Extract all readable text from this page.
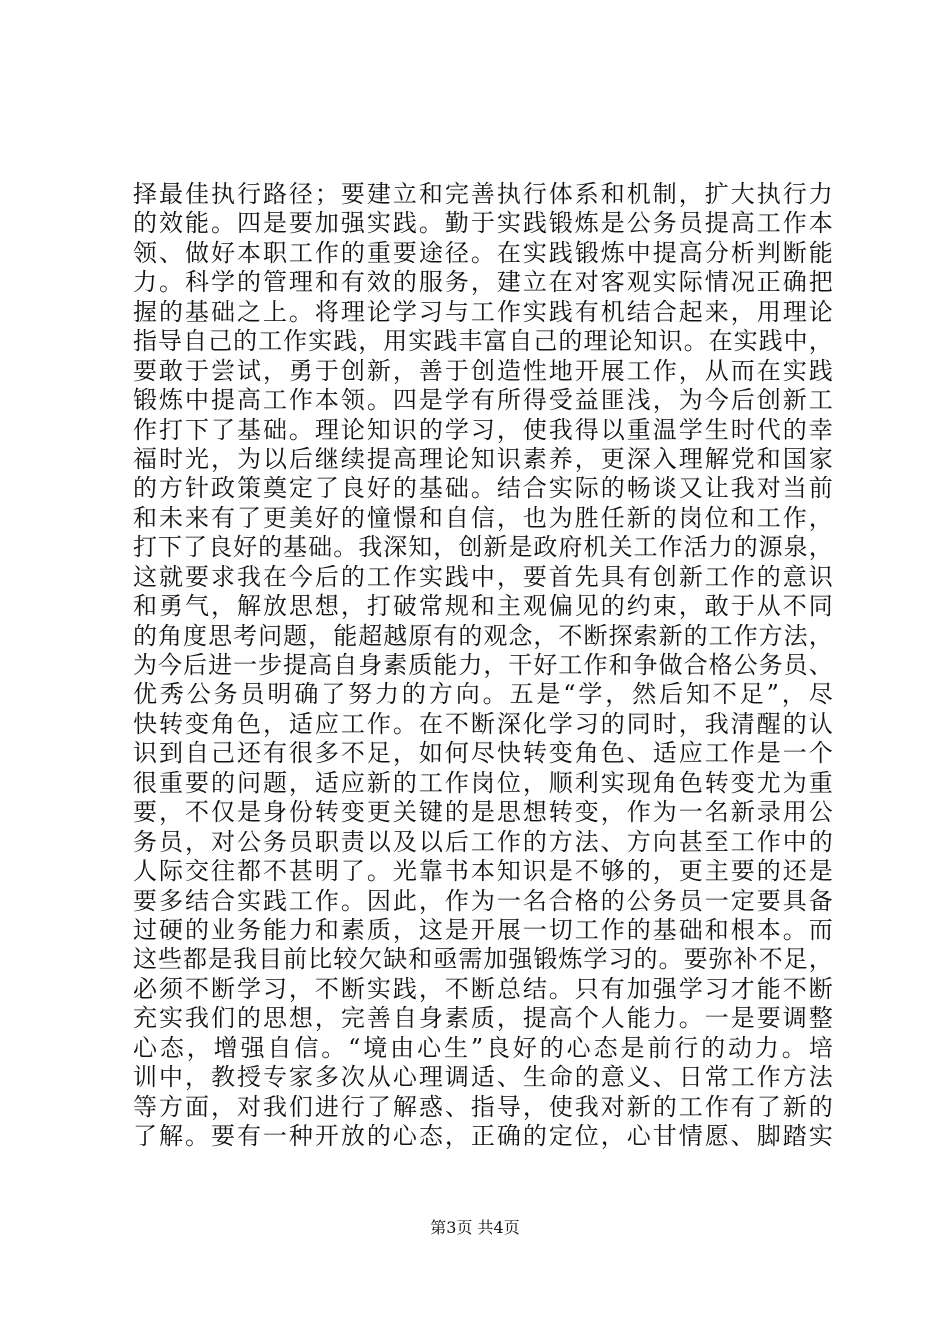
择最佳执行路径；要建立和完善执行体系和机制，扩大执行力
的效能。四是要加强实践。勤于实践锻炼是公务员提高工作本
领、做好本职工作的重要途径。在实践锻炼中提高分析判断能
力。科学的管理和有效的服务，建立在对客观实际情况正确把
握的基础之上。将理论学习与工作实践有机结合起来，用理论
指导自己的工作实践，用实践丰富自己的理论知识。在实践中，
要敢于尝试，勇于创新，善于创造性地开展工作，从而在实践
锻炼中提高工作本领。四是学有所得受益匪浅，为今后创新工
作打下了基础。理论知识的学习，使我得以重温学生时代的幸
福时光，为以后继续提高理论知识素养，更深入理解党和国家
的方针政策奠定了良好的基础。结合实际的畅谈又让我对当前
和未来有了更美好的憧憬和自信，也为胜任新的岗位和工作，
打下了良好的基础。我深知，创新是政府机关工作活力的源泉，
这就要求我在今后的工作实践中，要首先具有创新工作的意识
和勇气，解放思想，打破常规和主观偏见的约束，敢于从不同
的角度思考问题，能超越原有的观念，不断探索新的工作方法，
为今后进一步提高自身素质能力，干好工作和争做合格公务员、
优秀公务员明确了努力的方向。五是“学，然后知不足”，尽
快转变角色，适应工作。在不断深化学习的同时，我清醒的认
识到自己还有很多不足，如何尽快转变角色、适应工作是一个
很重要的问题，适应新的工作岗位，顺利实现角色转变尤为重
要，不仅是身份转变更关键的是思想转变，作为一名新录用公
务员，对公务员职责以及以后工作的方法、方向甚至工作中的
人际交往都不甚明了。光靠书本知识是不够的，更主要的还是
要多结合实践工作。因此，作为一名合格的公务员一定要具备
过硬的业务能力和素质，这是开展一切工作的基础和根本。而
这些都是我目前比较欠缺和亟需加强锻炼学习的。要弥补不足，
必须不断学习，不断实践，不断总结。只有加强学习才能不断
充实我们的思想，完善自身素质，提高个人能力。一是要调整
心态，增强自信。“境由心生”良好的心态是前行的动力。培
训中，教授专家多次从心理调适、生命的意义、日常工作方法
等方面，对我们进行了解惑、指导，使我对新的工作有了新的
了解。要有一种开放的心态，正确的定位，心甘情愿、脚踏实
第3页 共4页
